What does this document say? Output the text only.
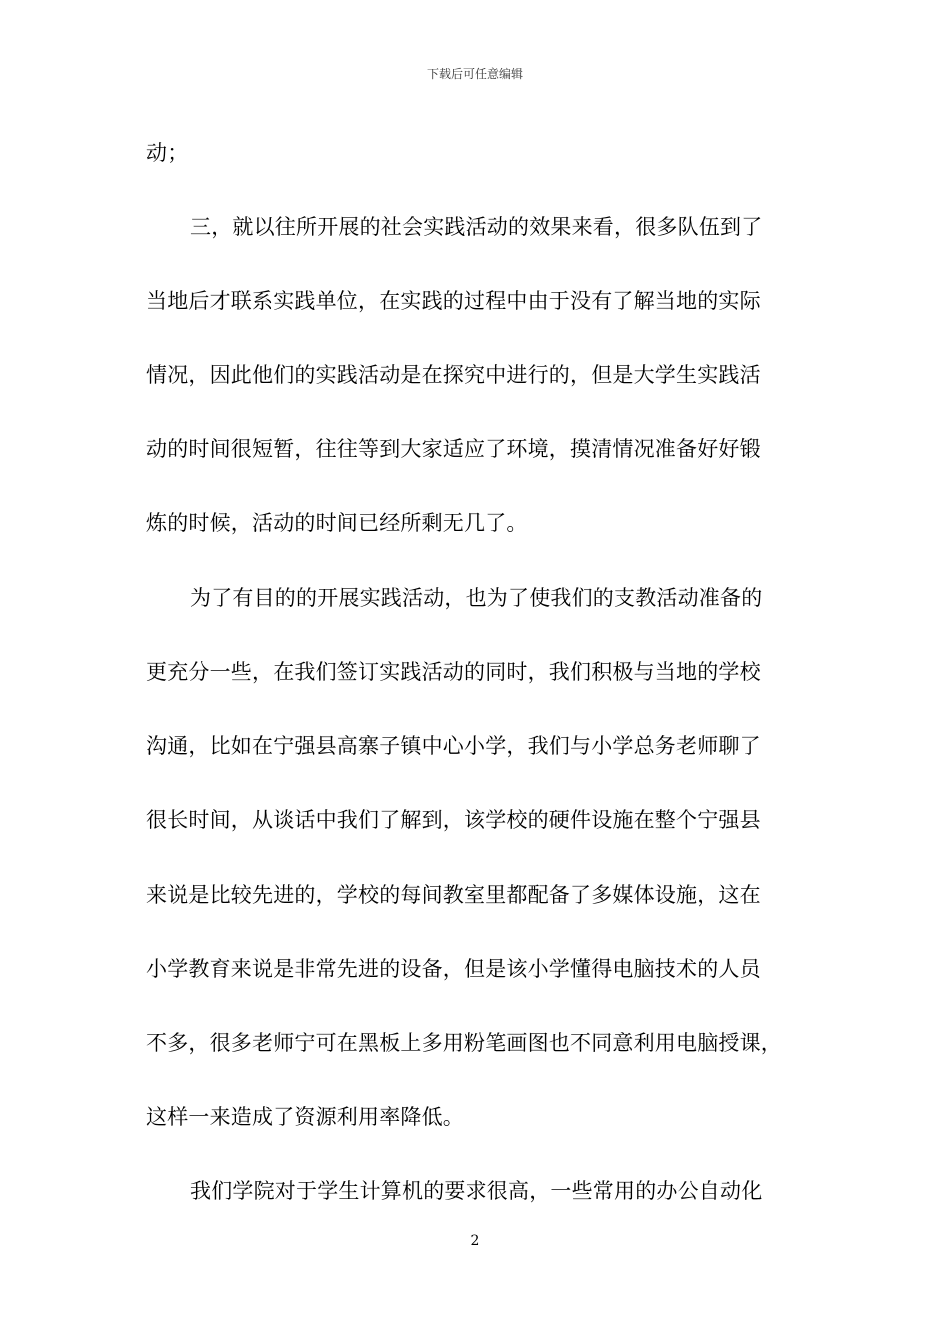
下载后可任意编辑
动；
三，就以往所开展的社会实践活动的效果来看，很多队伍到了
当地后才联系实践单位，在实践的过程中由于没有了解当地的实际
情况，因此他们的实践活动是在探究中进行的，但是大学生实践活
动的时间很短暂，往往等到大家适应了环境，摸清情况准备好好锻
炼的时候，活动的时间已经所剩无几了。
为了有目的的开展实践活动，也为了使我们的支教活动准备的
更充分一些，在我们签订实践活动的同时，我们积极与当地的学校
沟通，比如在宁强县高寨子镇中心小学，我们与小学总务老师聊了
很长时间，从谈话中我们了解到，该学校的硬件设施在整个宁强县
来说是比较先进的，学校的每间教室里都配备了多媒体设施，这在
小学教育来说是非常先进的设备，但是该小学懂得电脑技术的人员
不多，很多老师宁可在黑板上多用粉笔画图也不同意利用电脑授课，
这样一来造成了资源利用率降低。
我们学院对于学生计算机的要求很高，一些常用的办公自动化
2
